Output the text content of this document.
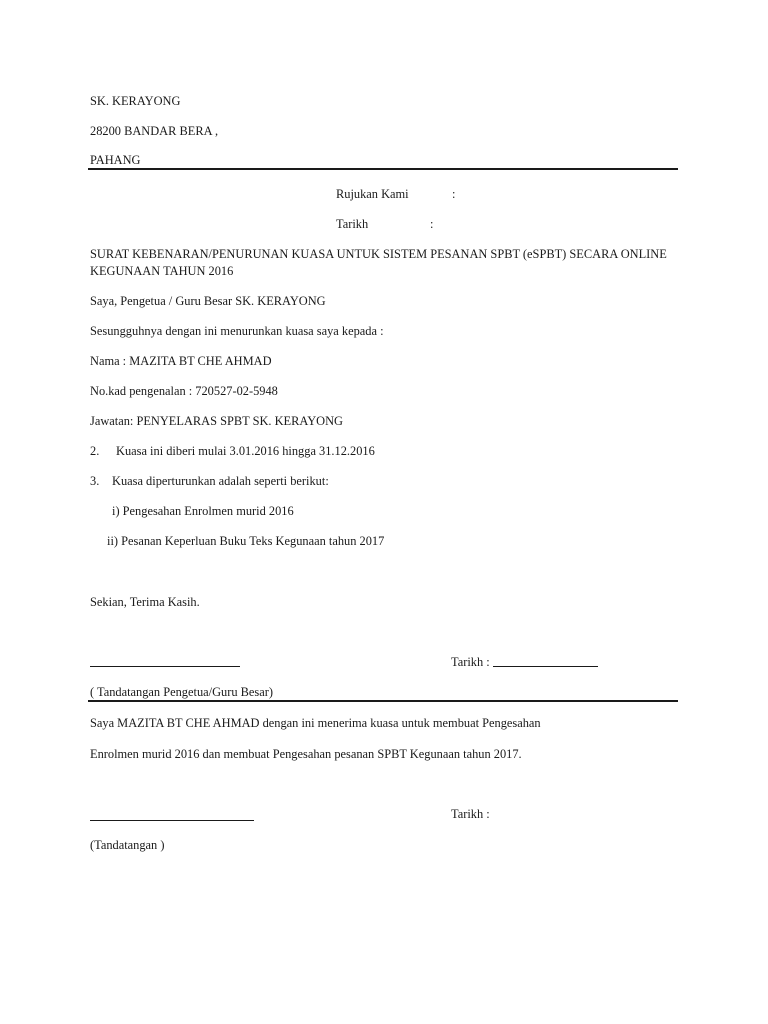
SK. KERAYONG
28200 BANDAR BERA ,
PAHANG
Rujukan Kami	:
Tarikh	:
SURAT KEBENARAN/PENURUNAN KUASA UNTUK SISTEM PESANAN SPBT (eSPBT) SECARA ONLINE
KEGUNAAN TAHUN 2016
Saya, Pengetua / Guru Besar SK. KERAYONG
Sesungguhnya dengan ini menurunkan kuasa saya kepada :
Nama : MAZITA BT CHE AHMAD
No.kad pengenalan : 720527-02-5948
Jawatan: PENYELARAS SPBT SK. KERAYONG
2. Kuasa ini diberi mulai 3.01.2016 hingga 31.12.2016
3. Kuasa diperturunkan adalah seperti berikut:
i) Pengesahan Enrolmen murid 2016
ii) Pesanan Keperluan Buku Teks Kegunaan tahun 2017
Sekian, Terima Kasih.
Tarikh :
( Tandatangan Pengetua/Guru Besar)
Saya MAZITA BT CHE AHMAD dengan ini menerima kuasa untuk membuat Pengesahan
Enrolmen murid 2016 dan membuat Pengesahan pesanan SPBT Kegunaan tahun 2017.
Tarikh :
(Tandatangan )
